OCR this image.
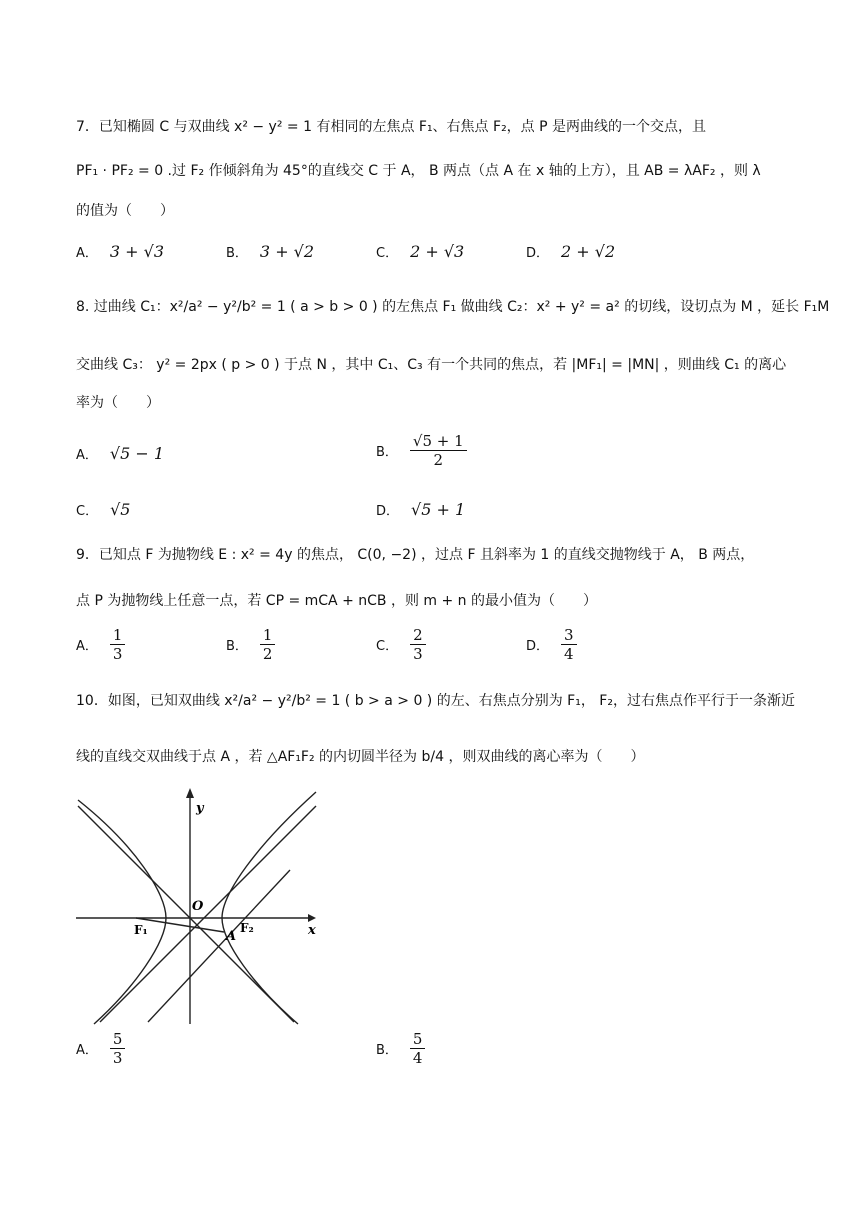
7．已知椭圆 C 与双曲线 x² − y² = 1 有相同的左焦点 F₁、右焦点 F₂，点 P 是两曲线的一个交点，且
PF₁ · PF₂ = 0 .过 F₂ 作倾斜角为 45°的直线交 C 于 A， B 两点（点 A 在 x 轴的上方），且 AB = λAF₂ ，则 λ
的值为（　　）
A． 3 + √3	B． 3 + √2	C． 2 + √3	D． 2 + √2
8. 过曲线 C₁：x²/a² − y²/b² = 1 ( a > b > 0 ) 的左焦点 F₁ 做曲线 C₂：x² + y² = a² 的切线，设切点为 M ，延长 F₁M
交曲线 C₃： y² = 2px ( p > 0 ) 于点 N ，其中 C₁、C₃ 有一个共同的焦点，若 |MF₁| = |MN| ，则曲线 C₁ 的离心
率为（　　）
A． √5 − 1	B． $\frac{√5 + 1}{2}$
C． √5	D． √5 + 1
9．已知点 F 为抛物线 E : x² = 4y 的焦点， C(0, −2) ，过点 F 且斜率为 1 的直线交抛物线于 A， B 两点，
点 P 为抛物线上任意一点，若 CP = mCA + nCB ，则 m + n 的最小值为（　　）
A． $\frac{1}{3}$	B． $\frac{1}{2}$	C． $\frac{2}{3}$	D． $\frac{3}{4}$
10．如图，已知双曲线 x²/a² − y²/b² = 1 ( b > a > 0 ) 的左、右焦点分别为 F₁， F₂，过右焦点作平行于一条渐近
线的直线交双曲线于点 A ，若 △AF₁F₂ 的内切圆半径为 b/4 ，则双曲线的离心率为（　　）
y
x
O
F₁	F₂
A
A． $\frac{5}{3}$	B． $\frac{5}{4}$
